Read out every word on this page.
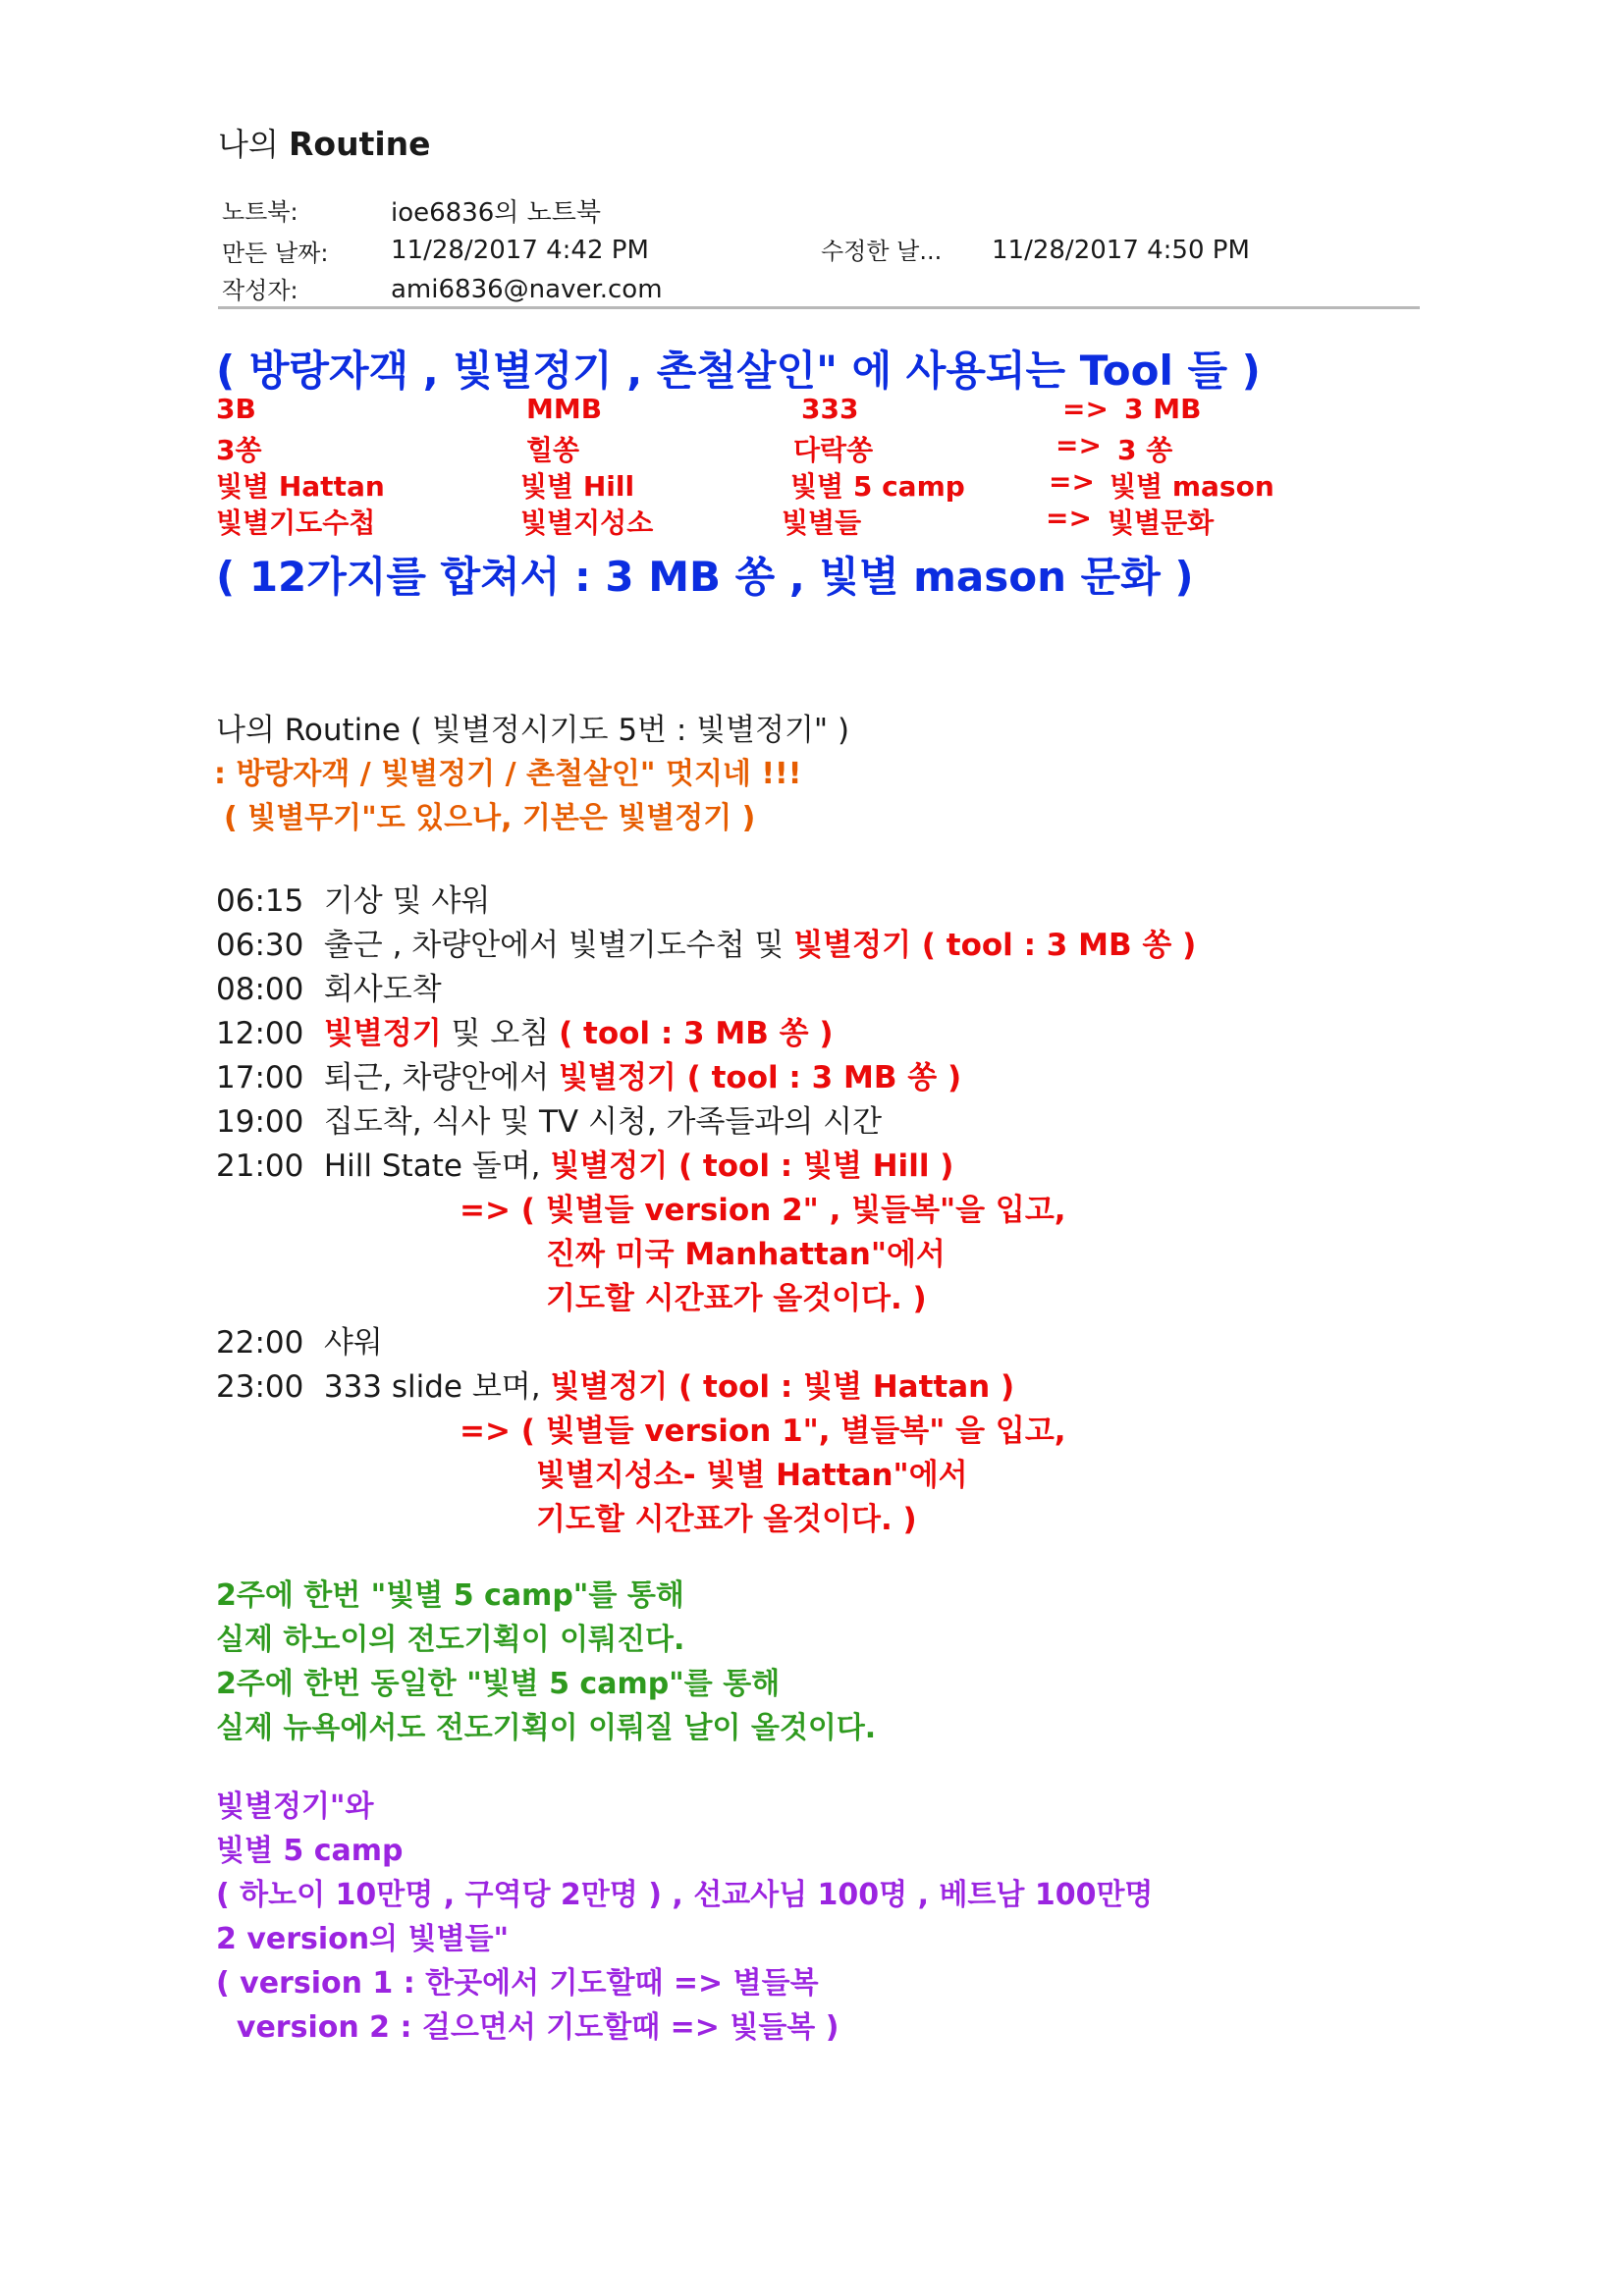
나의 Routine
노트북:	ioe6836의 노트북
만든 날짜: 11/28/2017 4:42 PM	수정한 날... 11/28/2017 4:50 PM
작성자:	ami6836@naver.com
( 방랑자객 , 빛별정기 , 촌철살인" 에 사용되는 Tool 들 )
3B	MMB	333	=> 3 MB
3쏭	힐쏭	다락쏭	=> 3 쏭
빛별 Hattan	빛별 Hill	빛별 5 camp	=> 빛별 mason
빛별기도수첩	빛별지성소	빛별들	=> 빛별문화
( 12가지를 합쳐서 : 3 MB 쏭 , 빛별 mason 문화 )
나의 Routine ( 빛별정시기도 5번 : 빛별정기" )
: 방랑자객 / 빛별정기 / 촌철살인" 멋지네 !!!
( 빛별무기"도 있으나, 기본은 빛별정기 )
06:15 기상 및 샤워
06:30 출근 , 차량안에서 빛별기도수첩 및 빛별정기 ( tool : 3 MB 쏭 )
08:00 회사도착
12:00 빛별정기 및 오침 ( tool : 3 MB 쏭 )
17:00 퇴근, 차량안에서 빛별정기 ( tool : 3 MB 쏭 )
19:00 집도착, 식사 및 TV 시청, 가족들과의 시간
21:00 Hill State 돌며, 빛별정기 ( tool : 빛별 Hill )
=> ( 빛별들 version 2" , 빛들복"을 입고,
진짜 미국 Manhattan"에서
기도할 시간표가 올것이다. )
22:00 샤워
23:00 333 slide 보며, 빛별정기 ( tool : 빛별 Hattan )
=> ( 빛별들 version 1", 별들복" 을 입고,
빛별지성소- 빛별 Hattan"에서
기도할 시간표가 올것이다. )
2주에 한번 "빛별 5 camp"를 통해
실제 하노이의 전도기획이 이뤄진다.
2주에 한번 동일한 "빛별 5 camp"를 통해
실제 뉴욕에서도 전도기획이 이뤄질 날이 올것이다.
빛별정기"와
빛별 5 camp
( 하노이 10만명 , 구역당 2만명 ) , 선교사님 100명 , 베트남 100만명
2 version의 빛별들"
( version 1 : 한곳에서 기도할때 => 별들복
version 2 : 걸으면서 기도할때 => 빛들복 )
